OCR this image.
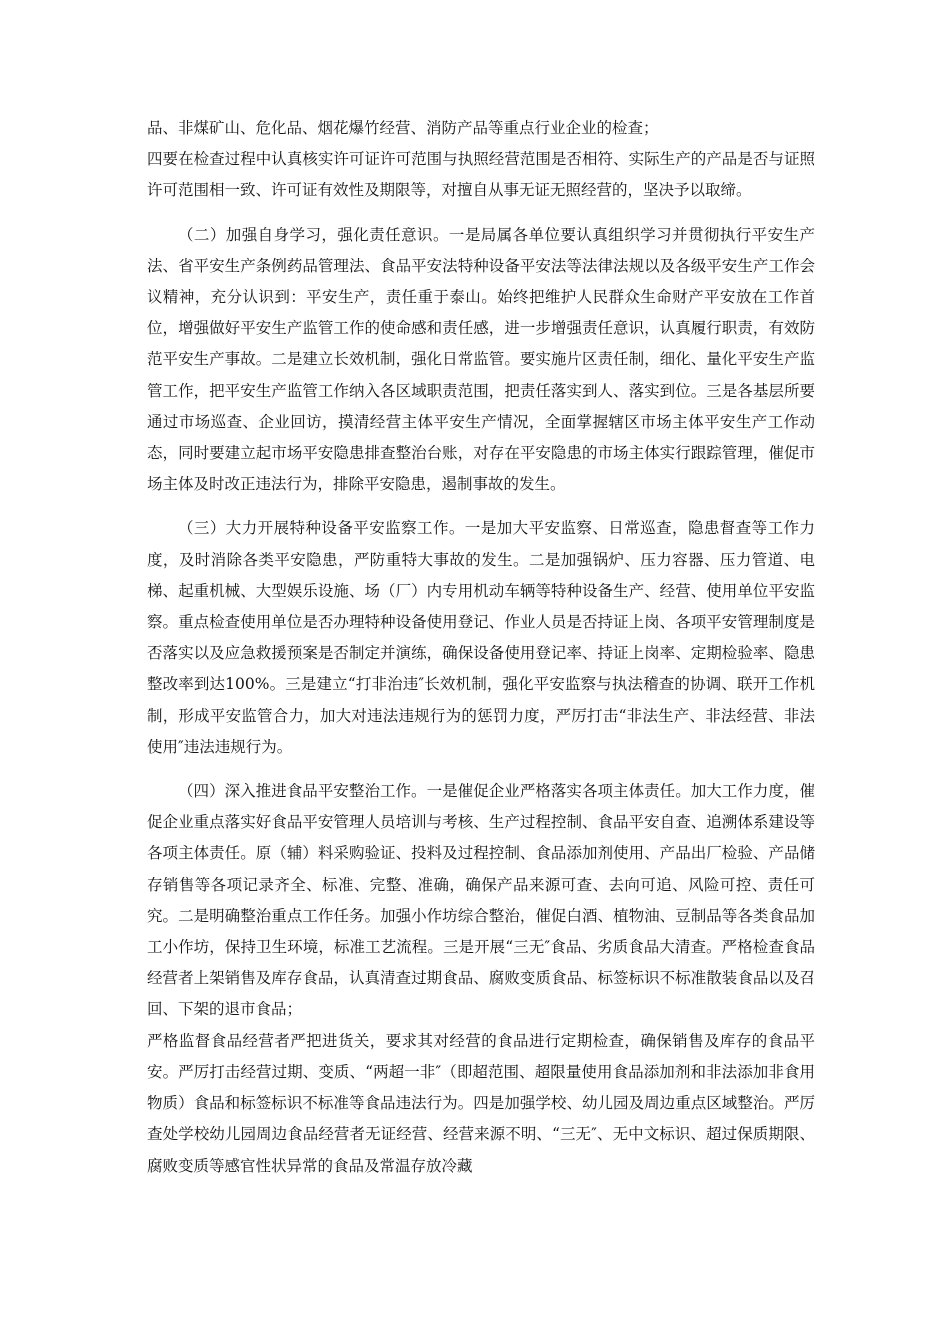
品、非煤矿山、危化品、烟花爆竹经营、消防产品等重点行业企业的检查；

四要在检查过程中认真核实许可证许可范围与执照经营范围是否相符、实际生产的产品是否与证照许可范围相一致、许可证有效性及期限等，对擅自从事无证无照经营的，坚决予以取缔。

（二）加强自身学习，强化责任意识。一是局属各单位要认真组织学习并贯彻执行平安生产法、省平安生产条例药品管理法、食品平安法特种设备平安法等法律法规以及各级平安生产工作会议精神，充分认识到：平安生产，责任重于泰山。始终把维护人民群众生命财产平安放在工作首位，增强做好平安生产监管工作的使命感和责任感，进一步增强责任意识，认真履行职责，有效防范平安生产事故。二是建立长效机制，强化日常监管。要实施片区责任制，细化、量化平安生产监管工作，把平安生产监管工作纳入各区域职责范围，把责任落实到人、落实到位。三是各基层所要通过市场巡查、企业回访，摸清经营主体平安生产情况，全面掌握辖区市场主体平安生产工作动态，同时要建立起市场平安隐患排查整治台账，对存在平安隐患的市场主体实行跟踪管理，催促市场主体及时改正违法行为，排除平安隐患，遏制事故的发生。

（三）大力开展特种设备平安监察工作。一是加大平安监察、日常巡查，隐患督查等工作力度，及时消除各类平安隐患，严防重特大事故的发生。二是加强锅炉、压力容器、压力管道、电梯、起重机械、大型娱乐设施、场（厂）内专用机动车辆等特种设备生产、经营、使用单位平安监察。重点检查使用单位是否办理特种设备使用登记、作业人员是否持证上岗、各项平安管理制度是否落实以及应急救援预案是否制定并演练，确保设备使用登记率、持证上岗率、定期检验率、隐患整改率到达100%。三是建立“打非治违″长效机制，强化平安监察与执法稽查的协调、联开工作机制，形成平安监管合力，加大对违法违规行为的惩罚力度，严厉打击“非法生产、非法经营、非法使用″违法违规行为。

（四）深入推进食品平安整治工作。一是催促企业严格落实各项主体责任。加大工作力度，催促企业重点落实好食品平安管理人员培训与考核、生产过程控制、食品平安自查、追溯体系建设等各项主体责任。原（辅）料采购验证、投料及过程控制、食品添加剂使用、产品出厂检验、产品储存销售等各项记录齐全、标准、完整、准确，确保产品来源可查、去向可追、风险可控、责任可究。二是明确整治重点工作任务。加强小作坊综合整治，催促白酒、植物油、豆制品等各类食品加工小作坊，保持卫生环境，标准工艺流程。三是开展“三无″食品、劣质食品大清查。严格检查食品经营者上架销售及库存食品，认真清查过期食品、腐败变质食品、标签标识不标准散装食品以及召回、下架的退市食品；

严格监督食品经营者严把进货关，要求其对经营的食品进行定期检查，确保销售及库存的食品平安。严厉打击经营过期、变质、“两超一非″（即超范围、超限量使用食品添加剂和非法添加非食用物质）食品和标签标识不标准等食品违法行为。四是加强学校、幼儿园及周边重点区域整治。严厉查处学校幼儿园周边食品经营者无证经营、经营来源不明、“三无″、无中文标识、超过保质期限、腐败变质等感官性状异常的食品及常温存放冷藏
